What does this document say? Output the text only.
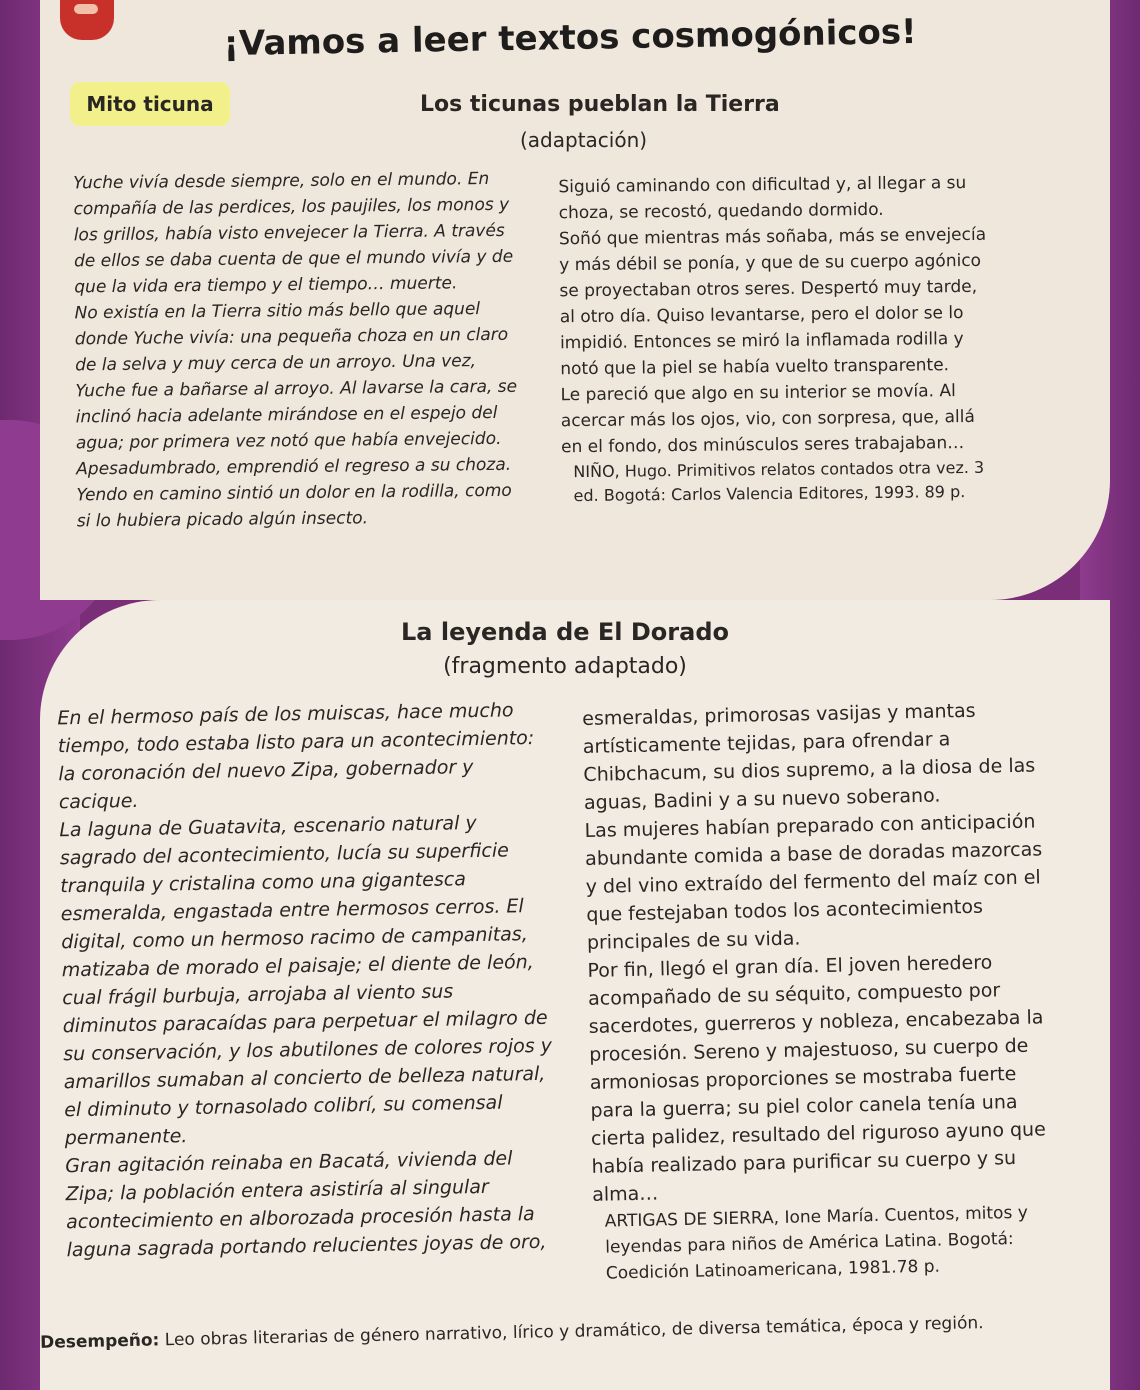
¡Vamos a leer textos cosmogónicos!
Mito ticuna	Los ticunas pueblan la Tierra
(adaptación)

Yuche vivía desde siempre, solo en el mundo. En compañía de las perdices, los paujiles, los monos y los grillos, había visto envejecer la Tierra. A través de ellos se daba cuenta de que el mundo vivía y de que la vida era tiempo y el tiempo… muerte.

No existía en la Tierra sitio más bello que aquel donde Yuche vivía: una pequeña choza en un claro de la selva y muy cerca de un arroyo. Una vez, Yuche fue a bañarse al arroyo. Al lavarse la cara, se inclinó hacia adelante mirándose en el espejo del agua; por primera vez notó que había envejecido.

Apesadumbrado, emprendió el regreso a su choza. Yendo en camino sintió un dolor en la rodilla, como si lo hubiera picado algún insecto.

Siguió caminando con dificultad y, al llegar a su choza, se recostó, quedando dormido.

Soñó que mientras más soñaba, más se envejecía y más débil se ponía, y que de su cuerpo agónico se proyectaban otros seres. Despertó muy tarde, al otro día. Quiso levantarse, pero el dolor se lo impidió. Entonces se miró la inflamada rodilla y notó que la piel se había vuelto transparente.

Le pareció que algo en su interior se movía. Al acercar más los ojos, vio, con sorpresa, que, allá en el fondo, dos minúsculos seres trabajaban…

NIÑO, Hugo. Primitivos relatos contados otra vez. 3 ed. Bogotá: Carlos Valencia Editores, 1993. 89 p.

La leyenda de El Dorado
(fragmento adaptado)

En el hermoso país de los muiscas, hace mucho tiempo, todo estaba listo para un acontecimiento: la coronación del nuevo Zipa, gobernador y cacique.

La laguna de Guatavita, escenario natural y sagrado del acontecimiento, lucía su superficie tranquila y cristalina como una gigantesca esmeralda, engastada entre hermosos cerros. El digital, como un hermoso racimo de campanitas, matizaba de morado el paisaje; el diente de león, cual frágil burbuja, arrojaba al viento sus diminutos paracaídas para perpetuar el milagro de su conservación, y los abutilones de colores rojos y amarillos sumaban al concierto de belleza natural, el diminuto y tornasolado colibrí, su comensal permanente.

Gran agitación reinaba en Bacatá, vivienda del Zipa; la población entera asistiría al singular acontecimiento en alborozada procesión hasta la laguna sagrada portando relucientes joyas de oro,

esmeraldas, primorosas vasijas y mantas artísticamente tejidas, para ofrendar a Chibchacum, su dios supremo, a la diosa de las aguas, Badini y a su nuevo soberano.

Las mujeres habían preparado con anticipación abundante comida a base de doradas mazorcas y del vino extraído del fermento del maíz con el que festejaban todos los acontecimientos principales de su vida.

Por fin, llegó el gran día. El joven heredero acompañado de su séquito, compuesto por sacerdotes, guerreros y nobleza, encabezaba la procesión. Sereno y majestuoso, su cuerpo de armoniosas proporciones se mostraba fuerte para la guerra; su piel color canela tenía una cierta palidez, resultado del riguroso ayuno que había realizado para purificar su cuerpo y su alma…

ARTIGAS DE SIERRA, Ione María. Cuentos, mitos y leyendas para niños de América Latina. Bogotá: Coedición Latinoamericana, 1981.78 p.

Desempeño: Leo obras literarias de género narrativo, lírico y dramático, de diversa temática, época y región.
